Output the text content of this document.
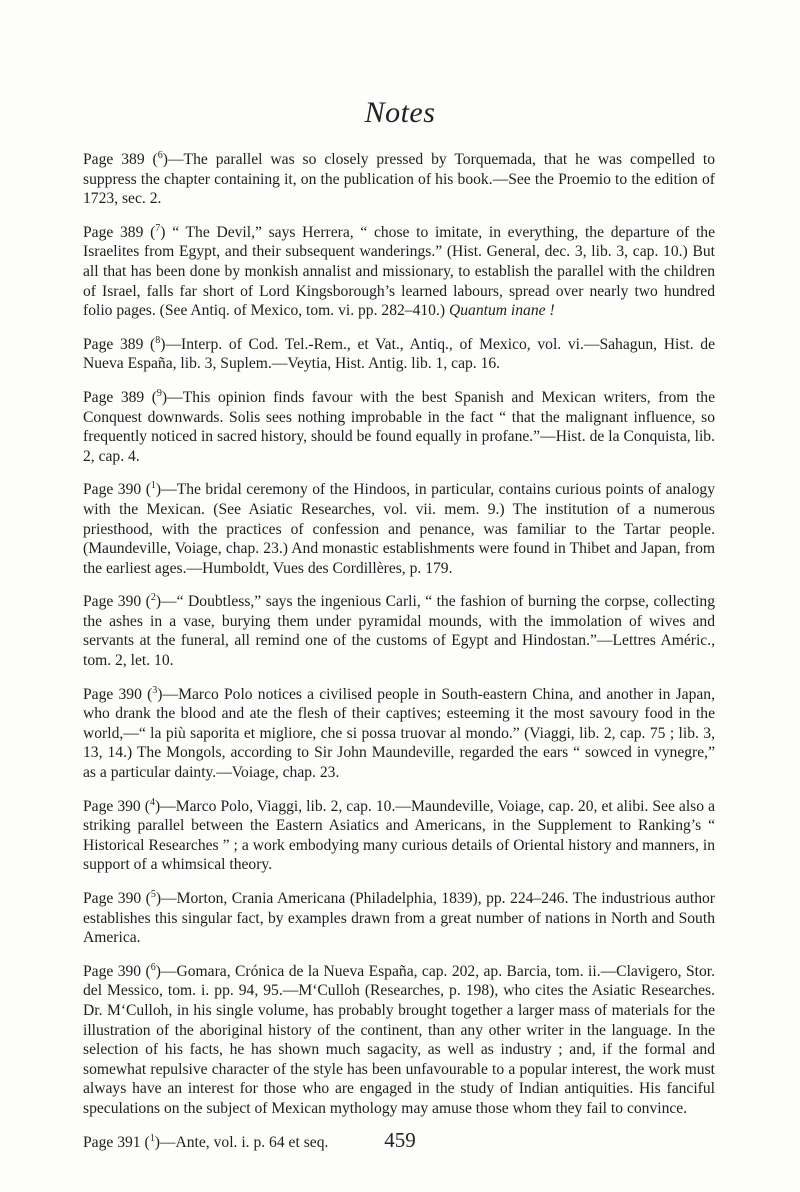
Notes

Page 389 ($^6$)—The parallel was so closely pressed by Torquemada, that he was compelled to suppress the chapter containing it, on the publication of his book.—See the Proemio to the edition of 1723, sec. 2.

Page 389 ($^7$) “ The Devil,” says Herrera, “ chose to imitate, in everything, the departure of the Israelites from Egypt, and their subsequent wanderings.” (Hist. General, dec. 3, lib. 3, cap. 10.) But all that has been done by monkish annalist and missionary, to establish the parallel with the children of Israel, falls far short of Lord Kingsborough’s learned labours, spread over nearly two hundred folio pages. (See Antiq. of Mexico, tom. vi. pp. 282–410.) Quantum inane !

Page 389 ($^8$)—Interp. of Cod. Tel.-Rem., et Vat., Antiq., of Mexico, vol. vi.—Sahagun, Hist. de Nueva España, lib. 3, Suplem.—Veytia, Hist. Antig. lib. 1, cap. 16.

Page 389 ($^9$)—This opinion finds favour with the best Spanish and Mexican writers, from the Conquest downwards. Solis sees nothing improbable in the fact “ that the malignant influence, so frequently noticed in sacred history, should be found equally in profane.”—Hist. de la Conquista, lib. 2, cap. 4.

Page 390 ($^1$)—The bridal ceremony of the Hindoos, in particular, contains curious points of analogy with the Mexican. (See Asiatic Researches, vol. vii. mem. 9.) The institution of a numerous priesthood, with the practices of confession and penance, was familiar to the Tartar people. (Maundeville, Voiage, chap. 23.) And monastic establishments were found in Thibet and Japan, from the earliest ages.—Humboldt, Vues des Cordillères, p. 179.

Page 390 ($^2$)—“ Doubtless,” says the ingenious Carli, “ the fashion of burning the corpse, collecting the ashes in a vase, burying them under pyramidal mounds, with the immolation of wives and servants at the funeral, all remind one of the customs of Egypt and Hindostan.”—Lettres Améric., tom. 2, let. 10.

Page 390 ($^3$)—Marco Polo notices a civilised people in South-eastern China, and another in Japan, who drank the blood and ate the flesh of their captives; esteeming it the most savoury food in the world,—“ la più saporita et migliore, che si possa truovar al mondo.” (Viaggi, lib. 2, cap. 75 ; lib. 3, 13, 14.) The Mongols, according to Sir John Maundeville, regarded the ears “ sowced in vynegre,” as a particular dainty.—Voiage, chap. 23.

Page 390 ($^4$)—Marco Polo, Viaggi, lib. 2, cap. 10.—Maundeville, Voiage, cap. 20, et alibi. See also a striking parallel between the Eastern Asiatics and Americans, in the Supplement to Ranking’s “ Historical Researches ” ; a work embodying many curious details of Oriental history and manners, in support of a whimsical theory.

Page 390 ($^5$)—Morton, Crania Americana (Philadelphia, 1839), pp. 224–246. The industrious author establishes this singular fact, by examples drawn from a great number of nations in North and South America.

Page 390 ($^6$)—Gomara, Crónica de la Nueva España, cap. 202, ap. Barcia, tom. ii.—Clavigero, Stor. del Messico, tom. i. pp. 94, 95.—M‘Culloh (Researches, p. 198), who cites the Asiatic Researches. Dr. M‘Culloh, in his single volume, has probably brought together a larger mass of materials for the illustration of the aboriginal history of the continent, than any other writer in the language. In the selection of his facts, he has shown much sagacity, as well as industry ; and, if the formal and somewhat repulsive character of the style has been unfavourable to a popular interest, the work must always have an interest for those who are engaged in the study of Indian antiquities. His fanciful speculations on the subject of Mexican mythology may amuse those whom they fail to convince.

Page 391 ($^1$)—Ante, vol. i. p. 64 et seq.	459
